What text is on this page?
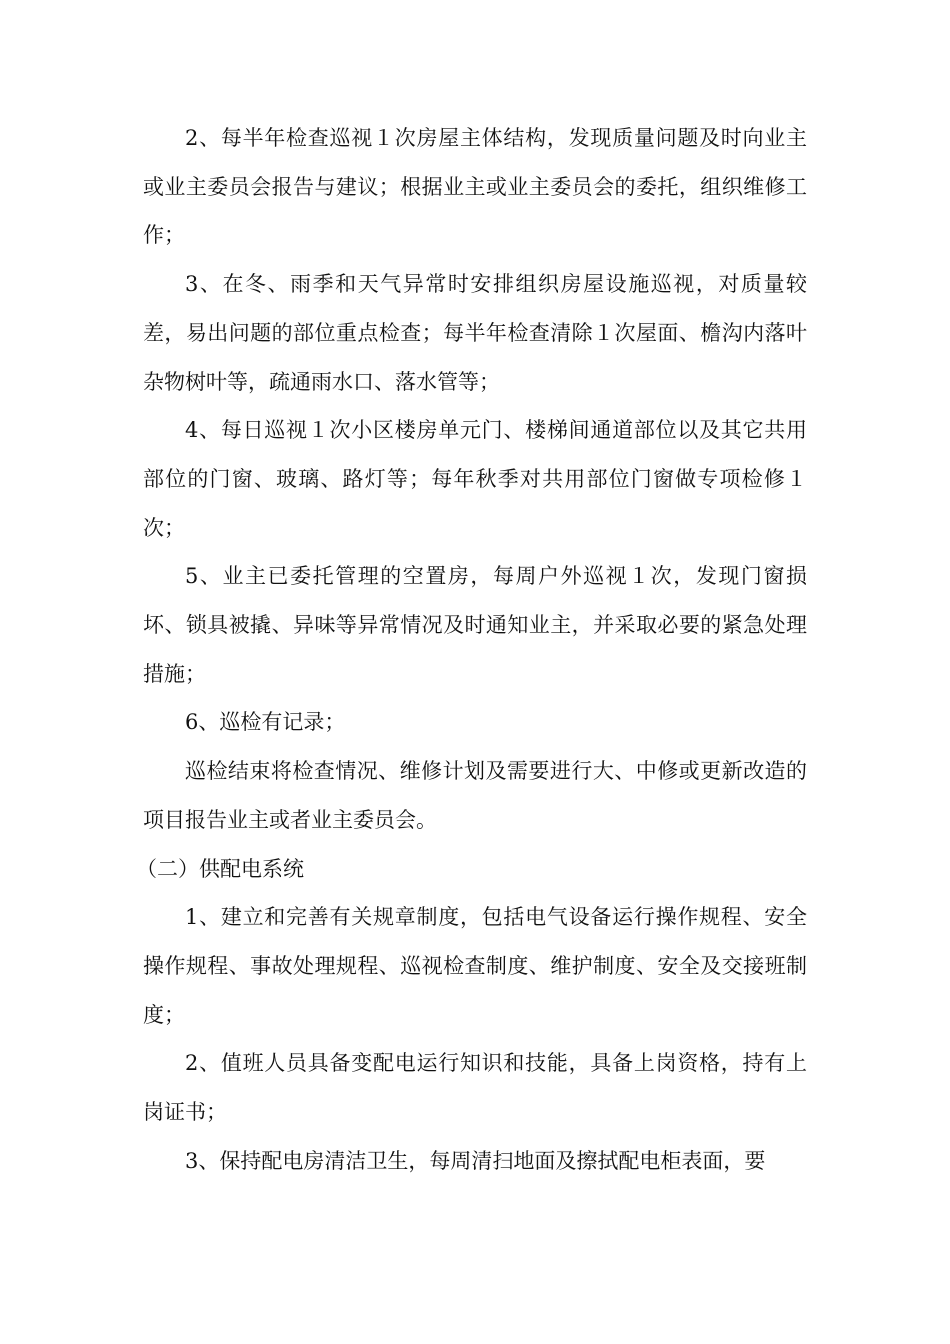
2、每半年检查巡视１次房屋主体结构，发现质量问题及时向业主或业主委员会报告与建议；根据业主或业主委员会的委托，组织维修工作；

3、在冬、雨季和天气异常时安排组织房屋设施巡视，对质量较差，易出问题的部位重点检查；每半年检查清除１次屋面、檐沟内落叶杂物树叶等，疏通雨水口、落水管等；

4、每日巡视１次小区楼房单元门、楼梯间通道部位以及其它共用部位的门窗、玻璃、路灯等；每年秋季对共用部位门窗做专项检修１次；

5、业主已委托管理的空置房，每周户外巡视１次，发现门窗损坏、锁具被撬、异味等异常情况及时通知业主，并采取必要的紧急处理措施；

6、巡检有记录；

巡检结束将检查情况、维修计划及需要进行大、中修或更新改造的项目报告业主或者业主委员会。

（二）供配电系统

1、建立和完善有关规章制度，包括电气设备运行操作规程、安全操作规程、事故处理规程、巡视检查制度、维护制度、安全及交接班制度；

2、值班人员具备变配电运行知识和技能，具备上岗资格，持有上岗证书；

3、保持配电房清洁卫生，每周清扫地面及擦拭配电柜表面，要
